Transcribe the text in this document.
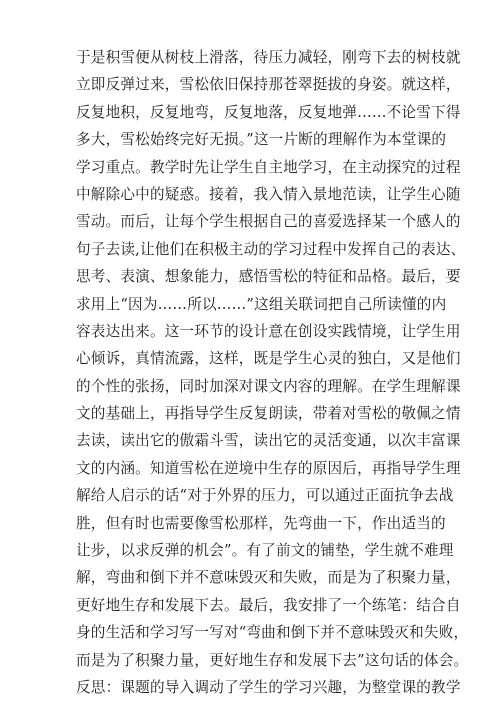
于是积雪便从树枝上滑落，待压力减轻，刚弯下去的树枝就
立即反弹过来，雪松依旧保持那苍翠挺拔的身姿。就这样，
反复地积，反复地弯，反复地落，反复地弹……不论雪下得
多大，雪松始终完好无损。”这一片断的理解作为本堂课的
学习重点。教学时先让学生自主地学习，在主动探究的过程
中解除心中的疑惑。接着，我入情入景地范读，让学生心随
雪动。而后，让每个学生根据自己的喜爱选择某一个感人的
句子去读,让他们在积极主动的学习过程中发挥自己的表达、
思考、表演、想象能力，感悟雪松的特征和品格。最后，要
求用上“因为……所以……”这组关联词把自己所读懂的内
容表达出来。这一环节的设计意在创设实践情境，让学生用
心倾诉，真情流露，这样，既是学生心灵的独白，又是他们
的个性的张扬，同时加深对课文内容的理解。在学生理解课
文的基础上，再指导学生反复朗读，带着对雪松的敬佩之情
去读，读出它的傲霜斗雪，读出它的灵活变通，以次丰富课
文的内涵。知道雪松在逆境中生存的原因后，再指导学生理
解给人启示的话“对于外界的压力，可以通过正面抗争去战
胜，但有时也需要像雪松那样，先弯曲一下，作出适当的
让步，以求反弹的机会”。有了前文的铺垫，学生就不难理
解，弯曲和倒下并不意味毁灭和失败，而是为了积聚力量，
更好地生存和发展下去。最后，我安排了一个练笔：结合自
身的生活和学习写一写对“弯曲和倒下并不意味毁灭和失败，
而是为了积聚力量，更好地生存和发展下去”这句话的体会。
反思：课题的导入调动了学生的学习兴趣，为整堂课的教学
